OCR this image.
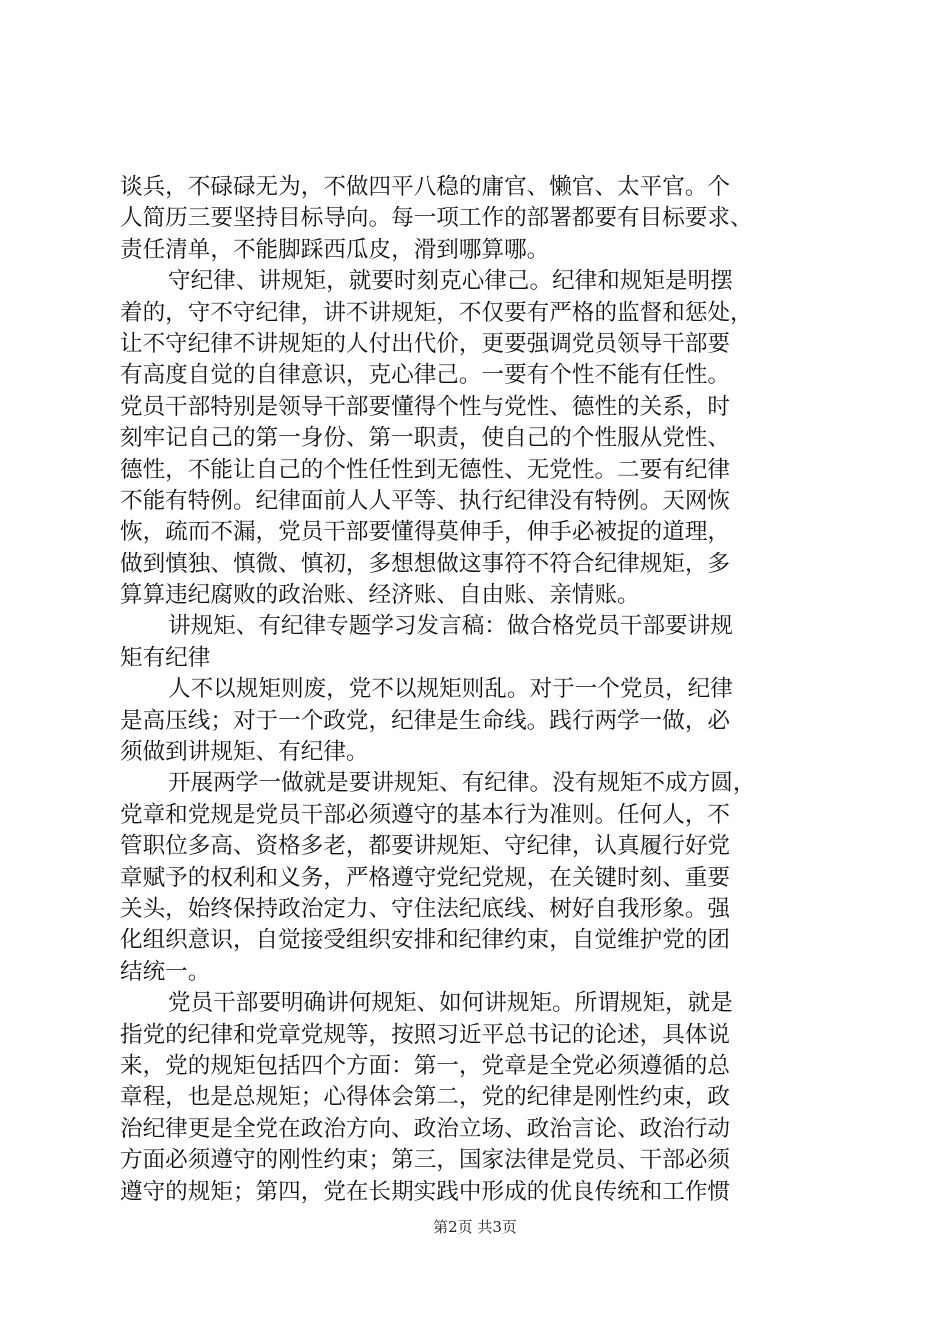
谈兵，不碌碌无为，不做四平八稳的庸官、懒官、太平官。个
人简历三要坚持目标导向。每一项工作的部署都要有目标要求、
责任清单，不能脚踩西瓜皮，滑到哪算哪。
守纪律、讲规矩，就要时刻克心律己。纪律和规矩是明摆
着的，守不守纪律，讲不讲规矩，不仅要有严格的监督和惩处，
让不守纪律不讲规矩的人付出代价，更要强调党员领导干部要
有高度自觉的自律意识，克心律己。一要有个性不能有任性。
党员干部特别是领导干部要懂得个性与党性、德性的关系，时
刻牢记自己的第一身份、第一职责，使自己的个性服从党性、
德性，不能让自己的个性任性到无德性、无党性。二要有纪律
不能有特例。纪律面前人人平等、执行纪律没有特例。天网恢
恢，疏而不漏，党员干部要懂得莫伸手，伸手必被捉的道理，
做到慎独、慎微、慎初，多想想做这事符不符合纪律规矩，多
算算违纪腐败的政治账、经济账、自由账、亲情账。
讲规矩、有纪律专题学习发言稿：做合格党员干部要讲规
矩有纪律
人不以规矩则废，党不以规矩则乱。对于一个党员，纪律
是高压线；对于一个政党，纪律是生命线。践行两学一做，必
须做到讲规矩、有纪律。
开展两学一做就是要讲规矩、有纪律。没有规矩不成方圆，
党章和党规是党员干部必须遵守的基本行为准则。任何人，不
管职位多高、资格多老，都要讲规矩、守纪律，认真履行好党
章赋予的权利和义务，严格遵守党纪党规，在关键时刻、重要
关头，始终保持政治定力、守住法纪底线、树好自我形象。强
化组织意识，自觉接受组织安排和纪律约束，自觉维护党的团
结统一。
党员干部要明确讲何规矩、如何讲规矩。所谓规矩，就是
指党的纪律和党章党规等，按照习近平总书记的论述，具体说
来，党的规矩包括四个方面：第一，党章是全党必须遵循的总
章程，也是总规矩；心得体会第二，党的纪律是刚性约束，政
治纪律更是全党在政治方向、政治立场、政治言论、政治行动
方面必须遵守的刚性约束；第三，国家法律是党员、干部必须
遵守的规矩；第四，党在长期实践中形成的优良传统和工作惯
第2页 共3页
